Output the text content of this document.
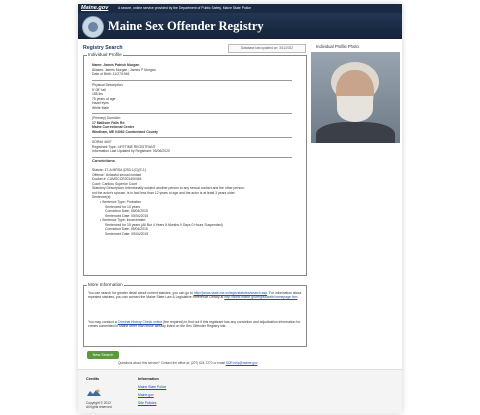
Maine.gov	A secure, online service provided by the Department of Public Safety, Maine State Police
Maine Sex Offender Registry
Registry Search	Database last updated on: 3/11/2022	Individual Profile Photo
Individual Profile
Name: James Patrick Morgan
Aliases: James Morgan ; James P Morgan
Date of Birth: 11/27/1946
Physical Description:
5' 08" tall
185 lbs
75 years of age
Hazel eyes
White Male
(Primary) Domicile:
17 Mallison Falls Rd
Maine Correctional Center
Windham, ME 04062 Cumberland County
SOR## 4607
Registrant Type: LIFETIME REGISTRANT
Information Last Updated by Registrant: 05/06/2020
Convictions
Statute: 17-A MRSA §253-1(C)(E-1)
Offense: Unlawful sexual contact
Docket #: CUMSCCR201400464
Court: Caribou Superior Court
Statutory Description: Intentionally subject another person to any sexual contact and the other person,
not the actor's spouse, is in fact less than 12 years of age and the actor is at least 3 years older.
Sentence(s):
• Sentence Type: Probation
Sentenced for 10 years
Conviction Date: 05/04/2015
Sentenced Date: 05/04/2015
• Sentence Type: Incarcerated
Sentenced for 15 years (All But 4 Years 6 Months 0 Days 0 Hours Suspended)
Conviction Date: 05/04/2015
Sentenced Date: 05/04/2015
More Information
You can search for greater detail about current statutes, you can go to http://janus.state.me.us/legis/statutes/search.asp. For information about repealed statutes, you can contact the Maine State Law & Legislative Reference Library at http://www.maine.gov/legis/lawlib/homepage.htm
You may conduct a Criminal History Check online (fee required) to find out if this registrant has any conviction and adjudication information for crimes committed in Maine other than those already listed on the Sex Offender Registry site.
New Search
Questions about this service? Contact the office at: (207) 624-7270 or email SOR.help@maine.gov
Credits	Information
Copyright © 2012
All rights reserved.
Maine State Police
Maine.gov
Site Policies
